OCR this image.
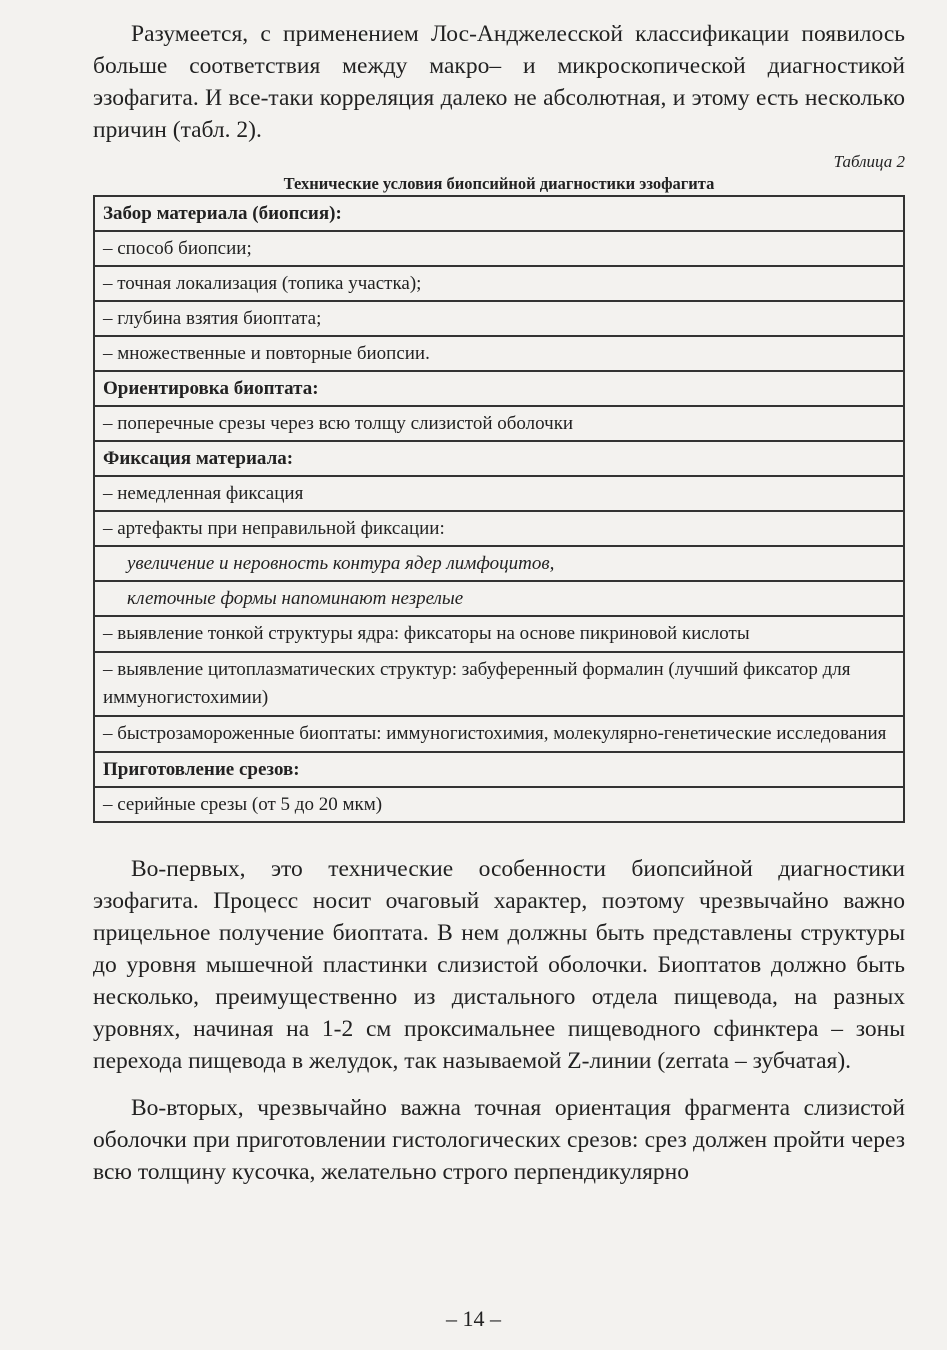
Разумеется, с применением Лос-Анджелесской классификации появилось больше соответствия между макро– и микроскопической диагностикой эзофагита. И все-таки корреляция далеко не абсолютная, и этому есть несколько причин (табл. 2).

Таблица 2
Технические условия биопсийной диагностики эзофагита
Забор материала (биопсия):
– способ биопсии;
– точная локализация (топика участка);
– глубина взятия биоптата;
– множественные и повторные биопсии.
Ориентировка биоптата:
– поперечные срезы через всю толщу слизистой оболочки
Фиксация материала:
– немедленная фиксация
– артефакты при неправильной фиксации:
увеличение и неровность контура ядер лимфоцитов,
клеточные формы напоминают незрелые
– выявление тонкой структуры ядра: фиксаторы на основе пикриновой кислоты
– выявление цитоплазматических структур: забуференный формалин (лучший фиксатор для иммуногистохимии)
– быстрозамороженные биоптаты: иммуногистохимия, молекулярно-генетические исследования
Приготовление срезов:
– серийные срезы (от 5 до 20 мкм)

Во-первых, это технические особенности биопсийной диагностики эзофагита. Процесс носит очаговый характер, поэтому чрезвычайно важно прицельное получение биоптата. В нем должны быть представлены структуры до уровня мышечной пластинки слизистой оболочки. Биоптатов должно быть несколько, преимущественно из дистального отдела пищевода, на разных уровнях, начиная на 1-2 см проксимальнее пищеводного сфинктера – зоны перехода пищевода в желудок, так называемой Z-линии (zerrata – зубчатая).

Во-вторых, чрезвычайно важна точная ориентация фрагмента слизистой оболочки при приготовлении гистологических срезов: срез должен пройти через всю толщину кусочка, желательно строго перпендикулярно

– 14 –
